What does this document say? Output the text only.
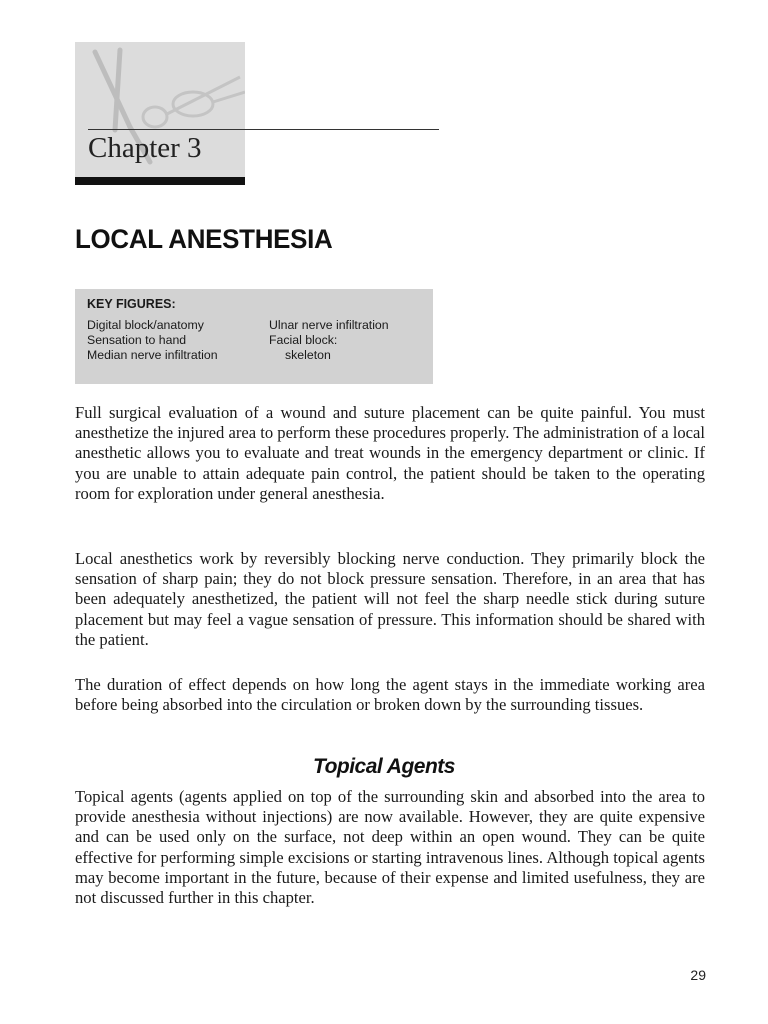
Chapter 3
LOCAL ANESTHESIA
KEY FIGURES:
Digital block/anatomy
Sensation to hand
Median nerve infiltration
Ulnar nerve infiltration
Facial block:
skeleton

Full surgical evaluation of a wound and suture placement can be quite painful. You must anesthetize the injured area to perform these procedures properly. The administration of a local anesthetic allows you to evaluate and treat wounds in the emergency department or clinic. If you are unable to attain adequate pain control, the patient should be taken to the operating room for exploration under general anesthesia.

Local anesthetics work by reversibly blocking nerve conduction. They primarily block the sensation of sharp pain; they do not block pressure sensation. Therefore, in an area that has been adequately anesthetized, the patient will not feel the sharp needle stick during suture placement but may feel a vague sensation of pressure. This information should be shared with the patient.

The duration of effect depends on how long the agent stays in the immediate working area before being absorbed into the circulation or broken down by the surrounding tissues.

Topical Agents

Topical agents (agents applied on top of the surrounding skin and absorbed into the area to provide anesthesia without injections) are now available. However, they are quite expensive and can be used only on the surface, not deep within an open wound. They can be quite effective for performing simple excisions or starting intravenous lines. Although topical agents may become important in the future, because of their expense and limited usefulness, they are not discussed further in this chapter.

29
